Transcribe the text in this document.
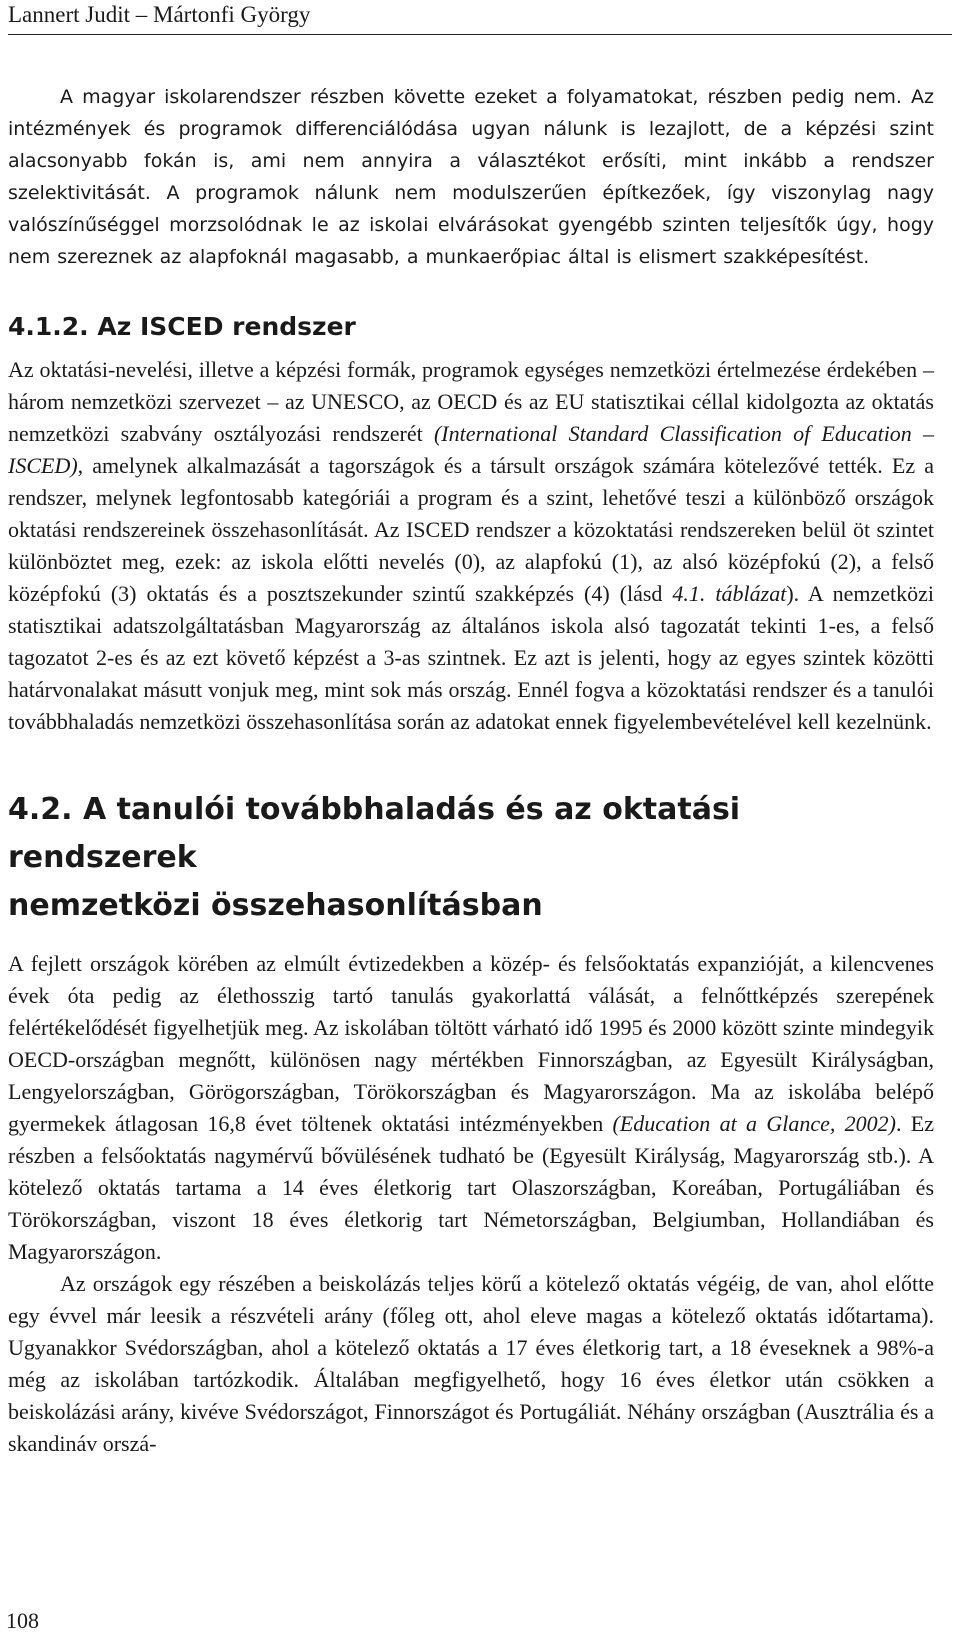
Lannert Judit – Mártonfi György

A magyar iskolarendszer részben követte ezeket a folyamatokat, részben pedig nem. Az intézmények és programok differenciálódása ugyan nálunk is lezajlott, de a képzési szint alacsonyabb fokán is, ami nem annyira a választékot erősíti, mint inkább a rendszer szelektivitását. A programok nálunk nem modulszerűen építkezőek, így viszonylag nagy valószínűséggel morzsolódnak le az iskolai elvárásokat gyengébb szinten teljesítők úgy, hogy nem szereznek az alapfoknál magasabb, a munkaerőpiac által is elismert szakképesítést.

4.1.2. Az ISCED rendszer

Az oktatási-nevelési, illetve a képzési formák, programok egységes nemzetközi értelmezése érdekében – három nemzetközi szervezet – az UNESCO, az OECD és az EU statisztikai céllal kidolgozta az oktatás nemzetközi szabvány osztályozási rendszerét (International Standard Classification of Education – ISCED), amelynek alkalmazását a tagországok és a társult országok számára kötelezővé tették. Ez a rendszer, melynek legfontosabb kategóriái a program és a szint, lehetővé teszi a különböző országok oktatási rendszereinek összehasonlítását. Az ISCED rendszer a közoktatási rendszereken belül öt szintet különböztet meg, ezek: az iskola előtti nevelés (0), az alapfokú (1), az alsó középfokú (2), a felső középfokú (3) oktatás és a posztszekunder szintű szakképzés (4) (lásd 4.1. táblázat). A nemzetközi statisztikai adatszolgáltatásban Magyarország az általános iskola alsó tagozatát tekinti 1-es, a felső tagozatot 2-es és az ezt követő képzést a 3-as szintnek. Ez azt is jelenti, hogy az egyes szintek közötti határvonalakat másutt vonjuk meg, mint sok más ország. Ennél fogva a közoktatási rendszer és a tanulói továbbhaladás nemzetközi összehasonlítása során az adatokat ennek figyelembevételével kell kezelnünk.

4.2. A tanulói továbbhaladás és az oktatási rendszerek
nemzetközi összehasonlításban

A fejlett országok körében az elmúlt évtizedekben a közép- és felsőoktatás expanzióját, a kilencvenes évek óta pedig az élethosszig tartó tanulás gyakorlattá válását, a felnőttképzés szerepének felértékelődését figyelhetjük meg. Az iskolában töltött várható idő 1995 és 2000 között szinte mindegyik OECD-országban megnőtt, különösen nagy mértékben Finnországban, az Egyesült Királyságban, Lengyelországban, Görögországban, Törökországban és Magyarországon. Ma az iskolába belépő gyermekek átlagosan 16,8 évet töltenek oktatási intézményekben (Education at a Glance, 2002). Ez részben a felsőoktatás nagymérvű bővülésének tudható be (Egyesült Királyság, Magyarország stb.). A kötelező oktatás tartama a 14 éves életkorig tart Olaszországban, Koreában, Portugáliában és Törökországban, viszont 18 éves életkorig tart Németországban, Belgiumban, Hollandiában és Magyarországon.

Az országok egy részében a beiskolázás teljes körű a kötelező oktatás végéig, de van, ahol előtte egy évvel már leesik a részvételi arány (főleg ott, ahol eleve magas a kötelező oktatás időtartama). Ugyanakkor Svédországban, ahol a kötelező oktatás a 17 éves életkorig tart, a 18 éveseknek a 98%-a még az iskolában tartózkodik. Általában megfigyelhető, hogy 16 éves életkor után csökken a beiskolázási arány, kivéve Svédországot, Finnországot és Portugáliát. Néhány országban (Ausztrália és a skandináv orszá-

108
